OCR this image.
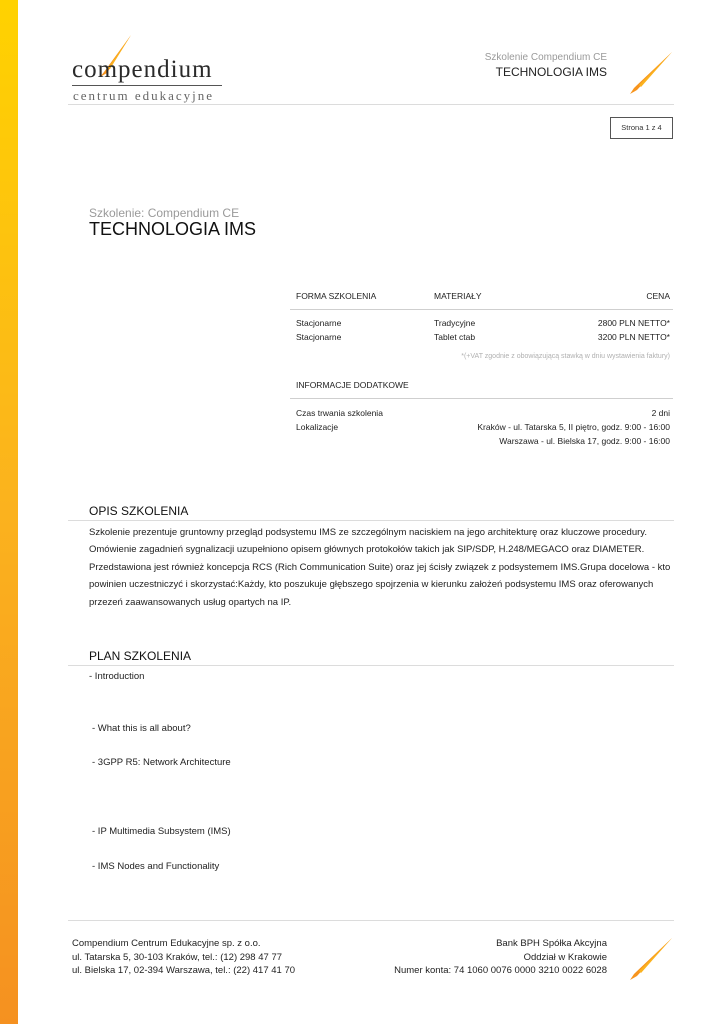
compendium
centrum edukacyjne
Szkolenie Compendium CE
TECHNOLOGIA IMS
Strona 1 z 4
Szkolenie: Compendium CE
TECHNOLOGIA IMS
FORMA SZKOLENIA	MATERIAŁY	CENA
Stacjonarne	Tradycyjne	2800 PLN NETTO*
Stacjonarne	Tablet ctab	3200 PLN NETTO*
*(+VAT zgodnie z obowiązującą stawką w dniu wystawienia faktury)
INFORMACJE DODATKOWE
Czas trwania szkolenia	2 dni
Lokalizacje	Kraków - ul. Tatarska 5, II piętro, godz. 9:00 - 16:00
Warszawa - ul. Bielska 17, godz. 9:00 - 16:00
OPIS SZKOLENIA
Szkolenie prezentuje gruntowny przegląd podsystemu IMS ze szczególnym naciskiem na jego architekturę oraz kluczowe procedury. Omówienie zagadnień sygnalizacji uzupełniono opisem głównych protokołów takich jak SIP/SDP, H.248/MEGACO oraz DIAMETER. Przedstawiona jest również koncepcja RCS (Rich Communication Suite) oraz jej ścisły związek z podsystemem IMS.Grupa docelowa - kto powinien uczestniczyć i skorzystać:Każdy, kto poszukuje głębszego spojrzenia w kierunku założeń podsystemu IMS oraz oferowanych przezeń zaawansowanych usług opartych na IP.
PLAN SZKOLENIA
- Introduction
- What this is all about?
- 3GPP R5: Network Architecture
- IP Multimedia Subsystem (IMS)
- IMS Nodes and Functionality
Compendium Centrum Edukacyjne sp. z o.o.
ul. Tatarska 5, 30-103 Kraków, tel.: (12) 298 47 77
ul. Bielska 17, 02-394 Warszawa, tel.: (22) 417 41 70
Bank BPH Spółka Akcyjna
Oddział w Krakowie
Numer konta: 74 1060 0076 0000 3210 0022 6028
